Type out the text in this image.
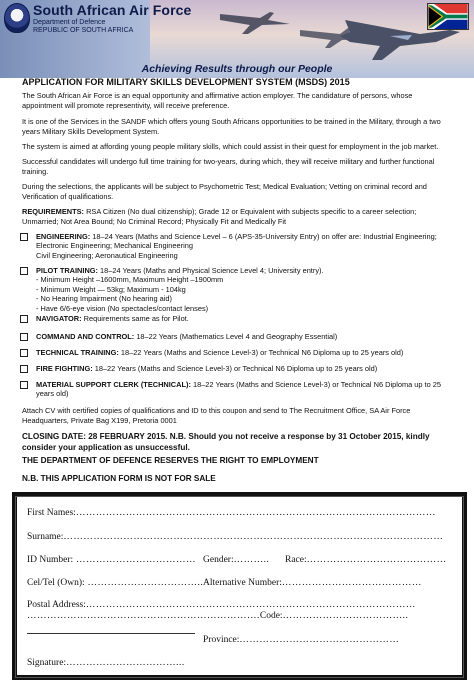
South African Air Force
Department of Defence
REPUBLIC OF SOUTH AFRICA
Achieving Results through our People
APPLICATION FOR MILITARY SKILLS DEVELOPMENT SYSTEM (MSDS) 2015
The South African Air Force is an equal opportunity and affirmative action employer. The candidature of persons, whose appointment will promote representivity, will receive preference.
It is one of the Services in the SANDF which offers young South Africans opportunities to be trained in the Military, through a two years Military Skills Development System.
The system is aimed at affording young people military skills, which could assist in their quest for employment in the job market.
Successful candidates will undergo full time training for two-years, during which, they will receive military and further functional training.
During the selections, the applicants will be subject to Psychometric Test; Medical Evaluation; Vetting on criminal record and Verification of qualifications.
REQUIREMENTS: RSA Citizen (No dual citizenship); Grade 12 or Equivalent with subjects specific to a career selection; Unmarried; Not Area Bound; No Criminal Record; Physically Fit and Medically Fit
ENGINEERING: 18–24 Years (Maths and Science Level – 6 (APS-35-University Entry) on offer are: Industrial Engineering; Electronic Engineering; Mechanical Engineering
Civil Engineering; Aeronautical Engineering
PILOT TRAINING: 18–24 Years (Maths and Physical Science Level 4; University entry).
- Minimum Height –1600mm, Maximum Height –1900mm
- Minimum Weight — 53kg; Maximum - 104kg
- No Hearing Impairment (No hearing aid)
- Have 6/6-eye vision (No spectacles/contact lenses)
NAVIGATOR: Requirements same as for Pilot.
COMMAND AND CONTROL: 18–22 Years (Mathematics Level 4 and Geography Essential)
TECHNICAL TRAINING: 18–22 Years (Maths and Science Level-3) or Technical N6 Diploma up to 25 years old)
FIRE FIGHTING: 18–22 Years (Maths and Science Level-3) or Technical N6 Diploma up to 25 years old)
MATERIAL SUPPORT CLERK (TECHNICAL): 18–22 Years (Maths and Science Level-3) or Technical N6 Diploma up to 25 years old)
Attach CV with certified copies of qualifications and ID to this coupon and send to The Recruitment Office, SA Air Force Headquarters, Private Bag X199, Pretoria 0001
CLOSING DATE: 28 FEBRUARY 2015. N.B. Should you not receive a response by 31 October 2015, kindly consider your application as unsuccessful.
THE DEPARTMENT OF DEFENCE RESERVES THE RIGHT TO EMPLOYMENT
N.B. THIS APPLICATION FORM IS NOT FOR SALE
First Names:………………………………………………………………………………………………
Surname:……………………………………………………………………………………………………
ID Number: ……………………………… Gender:……….. Race:……………………………………
Cel/Tel (Own): …………………………….. Alternative Number:……………………………………
Postal Address:………………………………………………………………………………………
…………………………………………………………….Code:………………………………..
Province:…………………………………………
Signature:……………………………...
